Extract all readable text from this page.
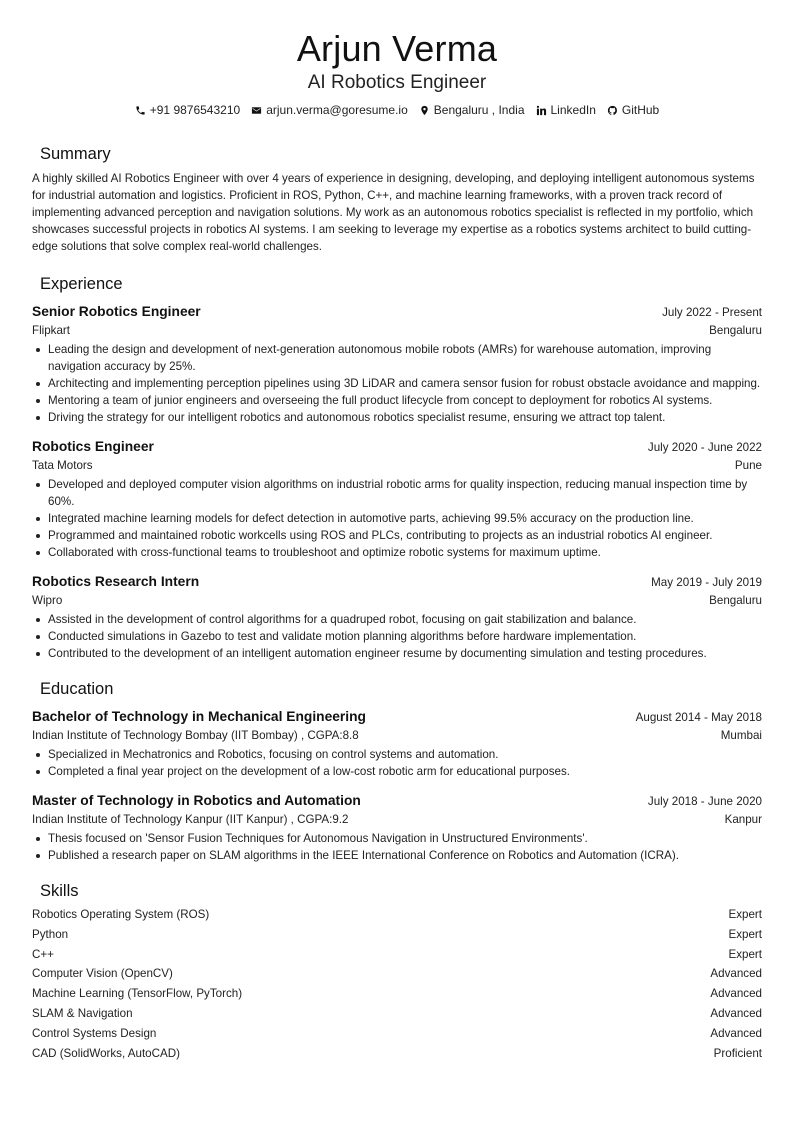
Arjun Verma
AI Robotics Engineer
+91 9876543210 arjun.verma@goresume.io Bengaluru , India LinkedIn GitHub
Summary
A highly skilled AI Robotics Engineer with over 4 years of experience in designing, developing, and deploying intelligent autonomous systems for industrial automation and logistics. Proficient in ROS, Python, C++, and machine learning frameworks, with a proven track record of implementing advanced perception and navigation solutions. My work as an autonomous robotics specialist is reflected in my portfolio, which showcases successful projects in robotics AI systems. I am seeking to leverage my expertise as a robotics systems architect to build cutting-edge solutions that solve complex real-world challenges.
Experience
Senior Robotics Engineer	July 2022 - Present
Flipkart	Bengaluru
Leading the design and development of next-generation autonomous mobile robots (AMRs) for warehouse automation, improving navigation accuracy by 25%.
Architecting and implementing perception pipelines using 3D LiDAR and camera sensor fusion for robust obstacle avoidance and mapping.
Mentoring a team of junior engineers and overseeing the full product lifecycle from concept to deployment for robotics AI systems.
Driving the strategy for our intelligent robotics and autonomous robotics specialist resume, ensuring we attract top talent.
Robotics Engineer	July 2020 - June 2022
Tata Motors	Pune
Developed and deployed computer vision algorithms on industrial robotic arms for quality inspection, reducing manual inspection time by 60%.
Integrated machine learning models for defect detection in automotive parts, achieving 99.5% accuracy on the production line.
Programmed and maintained robotic workcells using ROS and PLCs, contributing to projects as an industrial robotics AI engineer.
Collaborated with cross-functional teams to troubleshoot and optimize robotic systems for maximum uptime.
Robotics Research Intern	May 2019 - July 2019
Wipro	Bengaluru
Assisted in the development of control algorithms for a quadruped robot, focusing on gait stabilization and balance.
Conducted simulations in Gazebo to test and validate motion planning algorithms before hardware implementation.
Contributed to the development of an intelligent automation engineer resume by documenting simulation and testing procedures.
Education
Bachelor of Technology in Mechanical Engineering	August 2014 - May 2018
Indian Institute of Technology Bombay (IIT Bombay) , CGPA:8.8	Mumbai
Specialized in Mechatronics and Robotics, focusing on control systems and automation.
Completed a final year project on the development of a low-cost robotic arm for educational purposes.
Master of Technology in Robotics and Automation	July 2018 - June 2020
Indian Institute of Technology Kanpur (IIT Kanpur) , CGPA:9.2	Kanpur
Thesis focused on 'Sensor Fusion Techniques for Autonomous Navigation in Unstructured Environments'.
Published a research paper on SLAM algorithms in the IEEE International Conference on Robotics and Automation (ICRA).
Skills
Robotics Operating System (ROS)	Expert
Python	Expert
C++	Expert
Computer Vision (OpenCV)	Advanced
Machine Learning (TensorFlow, PyTorch)	Advanced
SLAM & Navigation	Advanced
Control Systems Design	Advanced
CAD (SolidWorks, AutoCAD)	Proficient
